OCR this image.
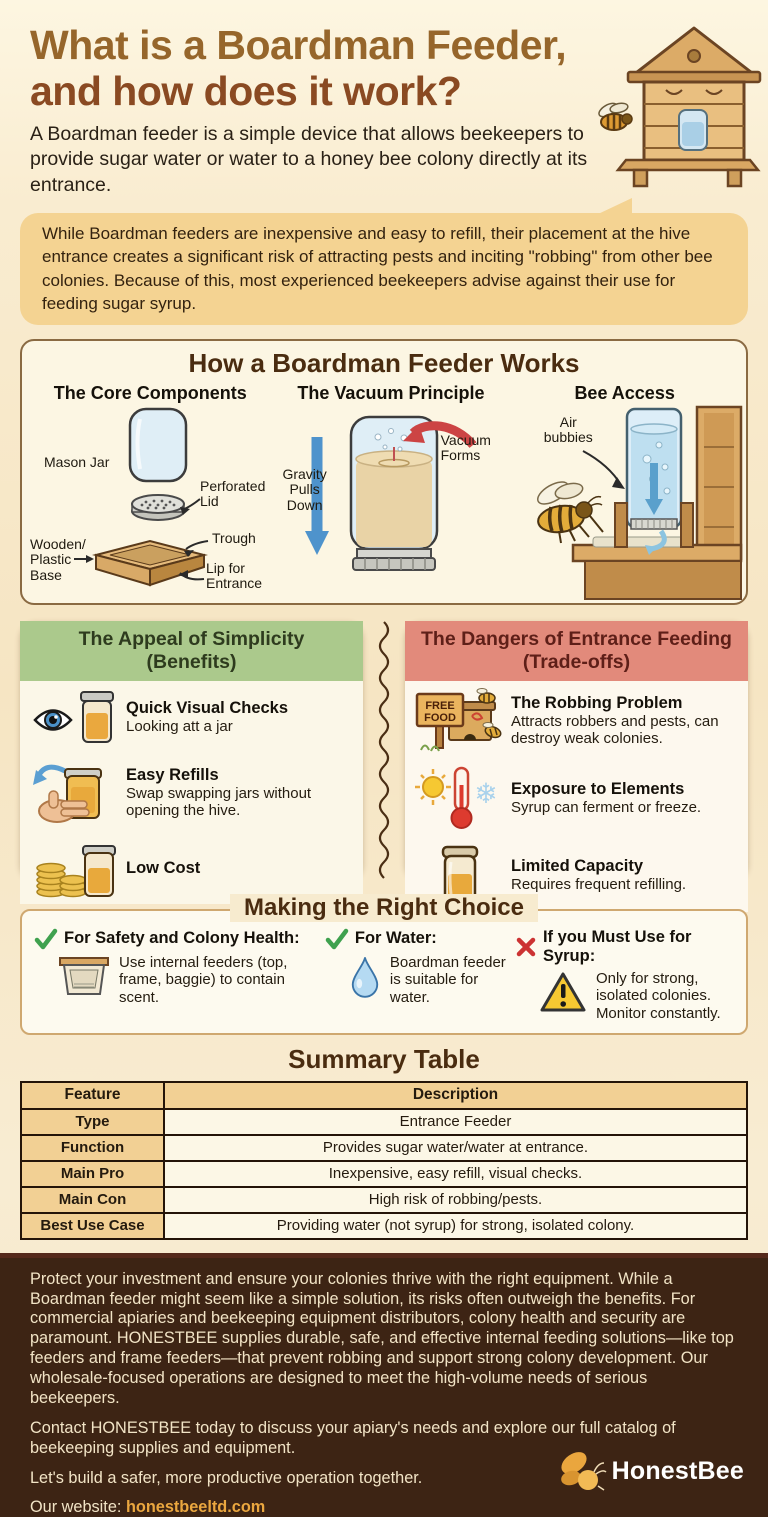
What is a Boardman Feeder,
and how does it work?

A Boardman feeder is a simple device that allows beekeepers to provide sugar water or water to a honey bee colony directly at its entrance.

While Boardman feeders are inexpensive and easy to refill, their placement at the hive entrance creates a significant risk of attracting pests and inciting "robbing" from other bee colonies. Because of this, most experienced beekeepers advise against their use for feeding sugar syrup.
How a Boardman Feeder Works
The Core Components
Mason Jar
Perforated Lid
Trough
Wooden/ Plastic Base	Lip for Entrance
The Vacuum Principle
Vacuum Forms
Gravity Pulls Down
Bee Access
Air bubbies
The Appeal of Simplicity
(Benefits)
Quick Visual Checks
Looking att a jar
Easy Refills
Swap swapping jars without opening the hive.
Low Cost
The Dangers of Entrance Feeding
(Trade-offs)
FREE
FOOD
The Robbing Problem
Attracts robbers and pests, can destroy weak colonies.
❄ Exposure to Elements
Syrup can ferment or freeze.
Limited Capacity
Requires frequent refilling.
Making the Right Choice
For Safety and Colony Health:
Use internal feeders (top, frame, baggie) to contain scent.
For Water:
Boardman feeder is suitable for water.
If you Must Use for Syrup:
Only for strong, isolated colonies. Monitor constantly.
Summary Table
Feature	Description
Type	Entrance Feeder
Function	Provides sugar water/water at entrance.
Main Pro	Inexpensive, easy refill, visual checks.
Main Con	High risk of robbing/pests.
Best Use Case	Providing water (not syrup) for strong, isolated colony.

Protect your investment and ensure your colonies thrive with the right equipment. While a Boardman feeder might seem like a simple solution, its risks often outweigh the benefits. For commercial apiaries and beekeeping equipment distributors, colony health and security are paramount. HONESTBEE supplies durable, safe, and effective internal feeding solutions—like top feeders and frame feeders—that prevent robbing and support strong colony development. Our wholesale-focused operations are designed to meet the high-volume needs of serious beekeepers.

Contact HONESTBEE today to discuss your apiary's needs and explore our full catalog of beekeeping supplies and equipment.

Let's build a safer, more productive operation together.

Our website: honestbeeltd.com
HonestBee
